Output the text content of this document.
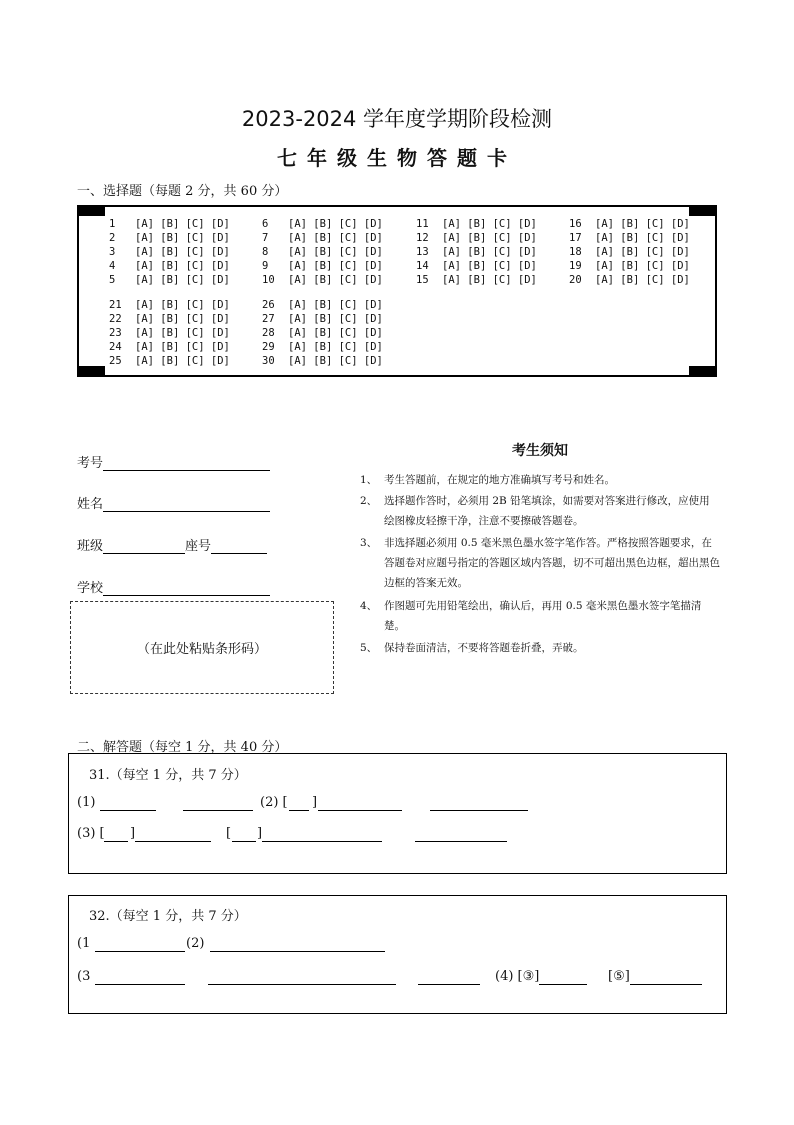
2023-2024 学年度学期阶段检测
七年级生物答题卡
一、选择题（每题 2 分，共 60 分）
1 [A] [B] [C] [D]
2 [A] [B] [C] [D]
3 [A] [B] [C] [D]
4 [A] [B] [C] [D]
5 [A] [B] [C] [D]
6 [A] [B] [C] [D]
7 [A] [B] [C] [D]
8 [A] [B] [C] [D]
9 [A] [B] [C] [D]
10 [A] [B] [C] [D]
11 [A] [B] [C] [D]
12 [A] [B] [C] [D]
13 [A] [B] [C] [D]
14 [A] [B] [C] [D]
15 [A] [B] [C] [D]
16 [A] [B] [C] [D]
17 [A] [B] [C] [D]
18 [A] [B] [C] [D]
19 [A] [B] [C] [D]
20 [A] [B] [C] [D]
21 [A] [B] [C] [D]
22 [A] [B] [C] [D]
23 [A] [B] [C] [D]
24 [A] [B] [C] [D]
25 [A] [B] [C] [D]
26 [A] [B] [C] [D]
27 [A] [B] [C] [D]
28 [A] [B] [C] [D]
29 [A] [B] [C] [D]
30 [A] [B] [C] [D]
考号
姓名
班级	座号
学校
（在此处粘贴条形码）
考生须知
1、 考生答题前，在规定的地方准确填写考号和姓名。
2、 选择题作答时，必须用 2B 铅笔填涂，如需要对答案进行修改，应使用绘图橡皮轻擦干净，注意不要擦破答题卷。
3、 非选择题必须用 0.5 毫米黑色墨水签字笔作答。严格按照答题要求，在答题卷对应题号指定的答题区域内答题，切不可超出黑色边框，超出黑色边框的答案无效。
4、 作图题可先用铅笔绘出，确认后，再用 0.5 毫米黑色墨水签字笔描清楚。
5、 保持卷面清洁，不要将答题卷折叠，弄破。
二、解答题（每空 1 分，共 40 分）
31.（每空 1 分，共 7 分）
(1)	(2) [ ]
(3) [ ]	[ ]
32.（每空 1 分，共 7 分）
(1	(2)
(3	(4) [③]	[⑤]
